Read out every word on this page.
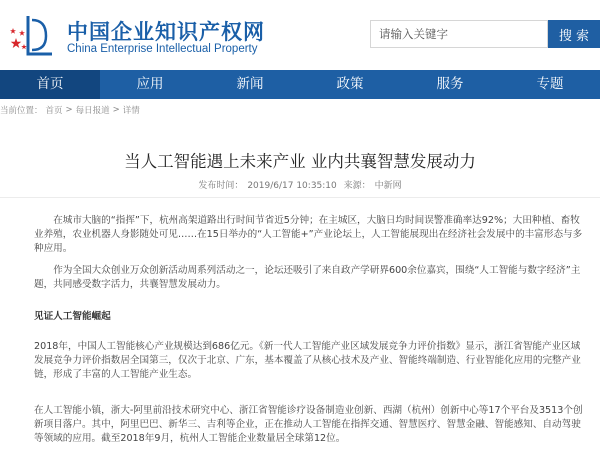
中国企业知识产权网
China Enterprise Intellectual Property
请输入关键字
搜 索
首页	应用	新闻	政策	服务	专题
当前位置： 首页 > 每日报道 > 详情
当人工智能遇上未来产业 业内共襄智慧发展动力
发布时间： 2019/6/17 10:35:10 来源： 中新网
在城市大脑的“指挥”下，杭州高架道路出行时间节省近5分钟；在主城区，大脑日均时间误警准确率达92%；大田种植、畜牧业养殖，农业机器人身影随处可见……在15日举办的“人工智能+”产业论坛上，人工智能展现出在经济社会发展中的丰富形态与多种应用。
作为全国大众创业万众创新活动周系列活动之一，论坛还吸引了来自政产学研界600余位嘉宾，围绕“人工智能与数字经济”主题，共同感受数字活力，共襄智慧发展动力。
见证人工智能崛起
2018年，中国人工智能核心产业规模达到686亿元。《新一代人工智能产业区域发展竞争力评价指数》显示，浙江省智能产业区域发展竞争力评价指数居全国第三，仅次于北京、广东，基本覆盖了从核心技术及产业、智能终端制造、行业智能化应用的完整产业链，形成了丰富的人工智能产业生态。
在人工智能小镇，浙大-阿里前沿技术研究中心、浙江省智能诊疗设备制造业创新、西湖（杭州）创新中心等17个平台及3513个创新项目落户。其中，阿里巴巴、新华三、吉利等企业，正在推动人工智能在指挥交通、智慧医疗、智慧金融、智能感知、自动驾驶等领域的应用。截至2018年9月，杭州人工智能企业数量居全球第12位。
